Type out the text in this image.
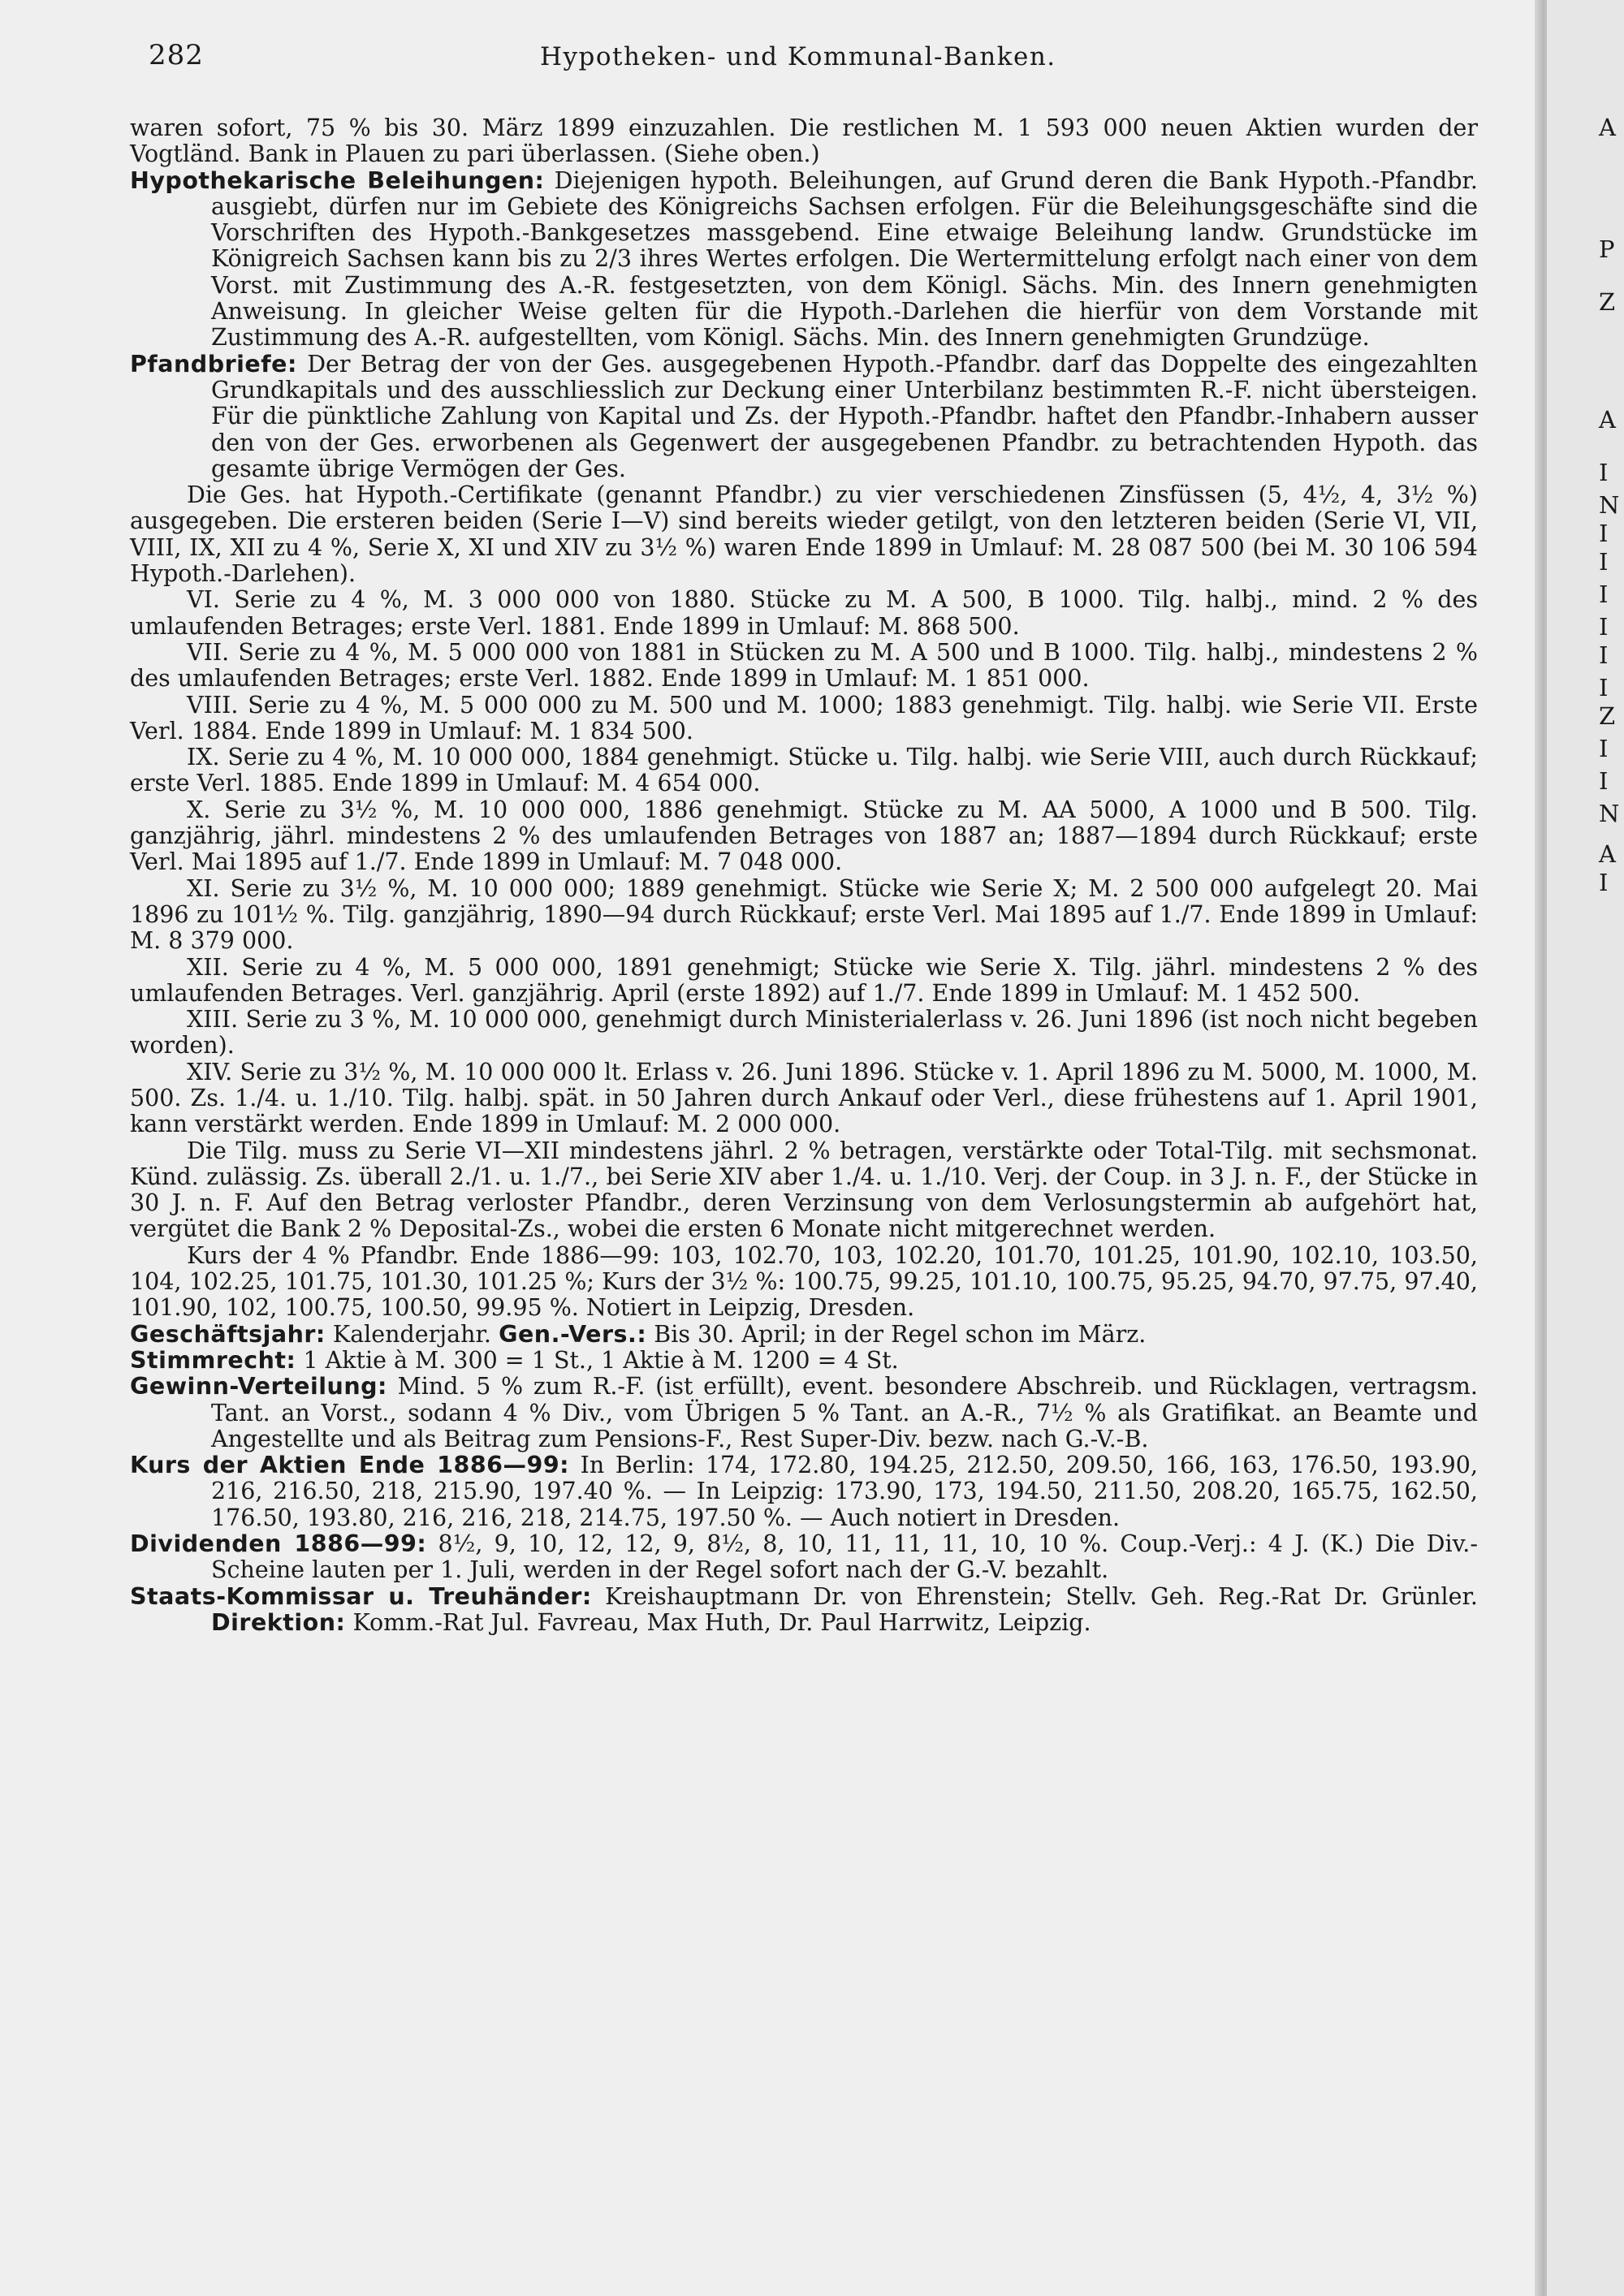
282	Hypotheken- und Kommunal-Banken.

waren sofort, 75 % bis 30. März 1899 einzuzahlen. Die restlichen M. 1 593 000 neuen Aktien wurden der Vogtländ. Bank in Plauen zu pari überlassen. (Siehe oben.)

Hypothekarische Beleihungen: Diejenigen hypoth. Beleihungen, auf Grund deren die Bank Hypoth.-Pfandbr. ausgiebt, dürfen nur im Gebiete des Königreichs Sachsen erfolgen. Für die Beleihungsgeschäfte sind die Vorschriften des Hypoth.-Bankgesetzes massgebend. Eine etwaige Beleihung landw. Grundstücke im Königreich Sachsen kann bis zu 2/3 ihres Wertes erfolgen. Die Wertermittelung erfolgt nach einer von dem Vorst. mit Zustimmung des A.-R. festgesetzten, von dem Königl. Sächs. Min. des Innern genehmigten Anweisung. In gleicher Weise gelten für die Hypoth.-Darlehen die hierfür von dem Vorstande mit Zustimmung des A.-R. aufgestellten, vom Königl. Sächs. Min. des Innern genehmigten Grundzüge.

Pfandbriefe: Der Betrag der von der Ges. ausgegebenen Hypoth.-Pfandbr. darf das Doppelte des eingezahlten Grundkapitals und des ausschliesslich zur Deckung einer Unterbilanz bestimmten R.-F. nicht übersteigen. Für die pünktliche Zahlung von Kapital und Zs. der Hypoth.-Pfandbr. haftet den Pfandbr.-Inhabern ausser den von der Ges. erworbenen als Gegenwert der ausgegebenen Pfandbr. zu betrachtenden Hypoth. das gesamte übrige Vermögen der Ges.

Die Ges. hat Hypoth.-Certifikate (genannt Pfandbr.) zu vier verschiedenen Zinsfüssen (5, 4½, 4, 3½ %) ausgegeben. Die ersteren beiden (Serie I—V) sind bereits wieder getilgt, von den letzteren beiden (Serie VI, VII, VIII, IX, XII zu 4 %, Serie X, XI und XIV zu 3½ %) waren Ende 1899 in Umlauf: M. 28 087 500 (bei M. 30 106 594 Hypoth.-Darlehen).

VI. Serie zu 4 %, M. 3 000 000 von 1880. Stücke zu M. A 500, B 1000. Tilg. halbj., mind. 2 % des umlaufenden Betrages; erste Verl. 1881. Ende 1899 in Umlauf: M. 868 500.

VII. Serie zu 4 %, M. 5 000 000 von 1881 in Stücken zu M. A 500 und B 1000. Tilg. halbj., mindestens 2 % des umlaufenden Betrages; erste Verl. 1882. Ende 1899 in Umlauf: M. 1 851 000.

VIII. Serie zu 4 %, M. 5 000 000 zu M. 500 und M. 1000; 1883 genehmigt. Tilg. halbj. wie Serie VII. Erste Verl. 1884. Ende 1899 in Umlauf: M. 1 834 500.

IX. Serie zu 4 %, M. 10 000 000, 1884 genehmigt. Stücke u. Tilg. halbj. wie Serie VIII, auch durch Rückkauf; erste Verl. 1885. Ende 1899 in Umlauf: M. 4 654 000.

X. Serie zu 3½ %, M. 10 000 000, 1886 genehmigt. Stücke zu M. AA 5000, A 1000 und B 500. Tilg. ganzjährig, jährl. mindestens 2 % des umlaufenden Betrages von 1887 an; 1887—1894 durch Rückkauf; erste Verl. Mai 1895 auf 1./7. Ende 1899 in Umlauf: M. 7 048 000.

XI. Serie zu 3½ %, M. 10 000 000; 1889 genehmigt. Stücke wie Serie X; M. 2 500 000 aufgelegt 20. Mai 1896 zu 101½ %. Tilg. ganzjährig, 1890—94 durch Rückkauf; erste Verl. Mai 1895 auf 1./7. Ende 1899 in Umlauf: M. 8 379 000.

XII. Serie zu 4 %, M. 5 000 000, 1891 genehmigt; Stücke wie Serie X. Tilg. jährl. mindestens 2 % des umlaufenden Betrages. Verl. ganzjährig. April (erste 1892) auf 1./7. Ende 1899 in Umlauf: M. 1 452 500.

XIII. Serie zu 3 %, M. 10 000 000, genehmigt durch Ministerialerlass v. 26. Juni 1896 (ist noch nicht begeben worden).

XIV. Serie zu 3½ %, M. 10 000 000 lt. Erlass v. 26. Juni 1896. Stücke v. 1. April 1896 zu M. 5000, M. 1000, M. 500. Zs. 1./4. u. 1./10. Tilg. halbj. spät. in 50 Jahren durch Ankauf oder Verl., diese frühestens auf 1. April 1901, kann verstärkt werden. Ende 1899 in Umlauf: M. 2 000 000.

Die Tilg. muss zu Serie VI—XII mindestens jährl. 2 % betragen, verstärkte oder Total-Tilg. mit sechsmonat. Künd. zulässig. Zs. überall 2./1. u. 1./7., bei Serie XIV aber 1./4. u. 1./10. Verj. der Coup. in 3 J. n. F., der Stücke in 30 J. n. F. Auf den Betrag verloster Pfandbr., deren Verzinsung von dem Verlosungstermin ab aufgehört hat, vergütet die Bank 2 % Deposital-Zs., wobei die ersten 6 Monate nicht mitgerechnet werden.

Kurs der 4 % Pfandbr. Ende 1886—99: 103, 102.70, 103, 102.20, 101.70, 101.25, 101.90, 102.10, 103.50, 104, 102.25, 101.75, 101.30, 101.25 %; Kurs der 3½ %: 100.75, 99.25, 101.10, 100.75, 95.25, 94.70, 97.75, 97.40, 101.90, 102, 100.75, 100.50, 99.95 %. Notiert in Leipzig, Dresden.

Geschäftsjahr: Kalenderjahr. Gen.-Vers.: Bis 30. April; in der Regel schon im März.

Stimmrecht: 1 Aktie à M. 300 = 1 St., 1 Aktie à M. 1200 = 4 St.

Gewinn-Verteilung: Mind. 5 % zum R.-F. (ist erfüllt), event. besondere Abschreib. und Rücklagen, vertragsm. Tant. an Vorst., sodann 4 % Div., vom Übrigen 5 % Tant. an A.-R., 7½ % als Gratifikat. an Beamte und Angestellte und als Beitrag zum Pensions-F., Rest Super-Div. bezw. nach G.-V.-B.

Kurs der Aktien Ende 1886—99: In Berlin: 174, 172.80, 194.25, 212.50, 209.50, 166, 163, 176.50, 193.90, 216, 216.50, 218, 215.90, 197.40 %. — In Leipzig: 173.90, 173, 194.50, 211.50, 208.20, 165.75, 162.50, 176.50, 193.80, 216, 216, 218, 214.75, 197.50 %. — Auch notiert in Dresden.

Dividenden 1886—99: 8½, 9, 10, 12, 12, 9, 8½, 8, 10, 11, 11, 11, 10, 10 %. Coup.-Verj.: 4 J. (K.) Die Div.-Scheine lauten per 1. Juli, werden in der Regel sofort nach der G.-V. bezahlt.

Staats-Kommissar u. Treuhänder: Kreishauptmann Dr. von Ehrenstein; Stellv. Geh. Reg.-Rat Dr. Grünler. Direktion: Komm.-Rat Jul. Favreau, Max Huth, Dr. Paul Harrwitz, Leipzig.

A
P
Z
A
I
N
I
I
I
I
I
I
Z
I
I
N
A
I
